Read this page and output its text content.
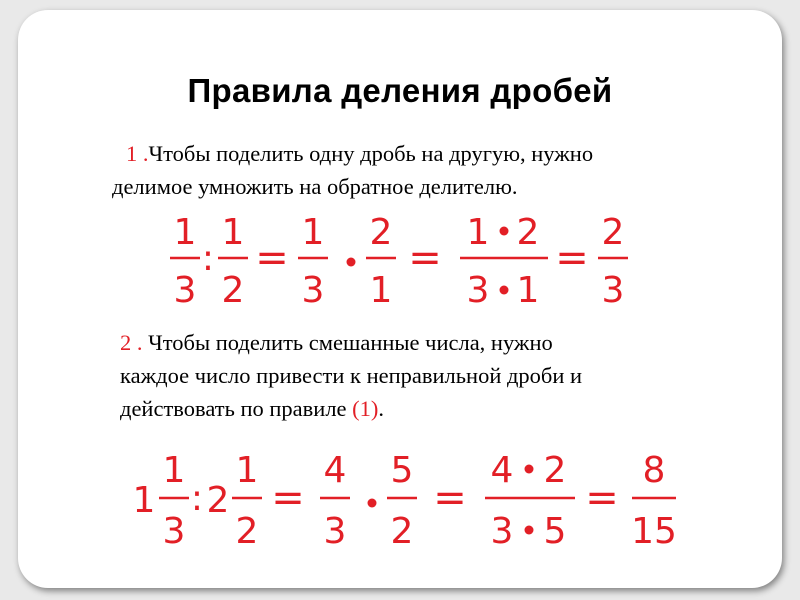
Правила деления дробей
1 .Чтобы поделить одну дробь на другую, нужно
делимое умножить на обратное делителю.
1
3
:
1
2
=
1
3
2
1
=
1 2
3 1
=
2
3
2 . Чтобы поделить смешанные числа, нужно
каждое число привести к неправильной дроби и
действовать по правиле (1).
1
1
3
: 2
1
2
=
4
3
5
2
=
4 2
3 5
=
8
15
